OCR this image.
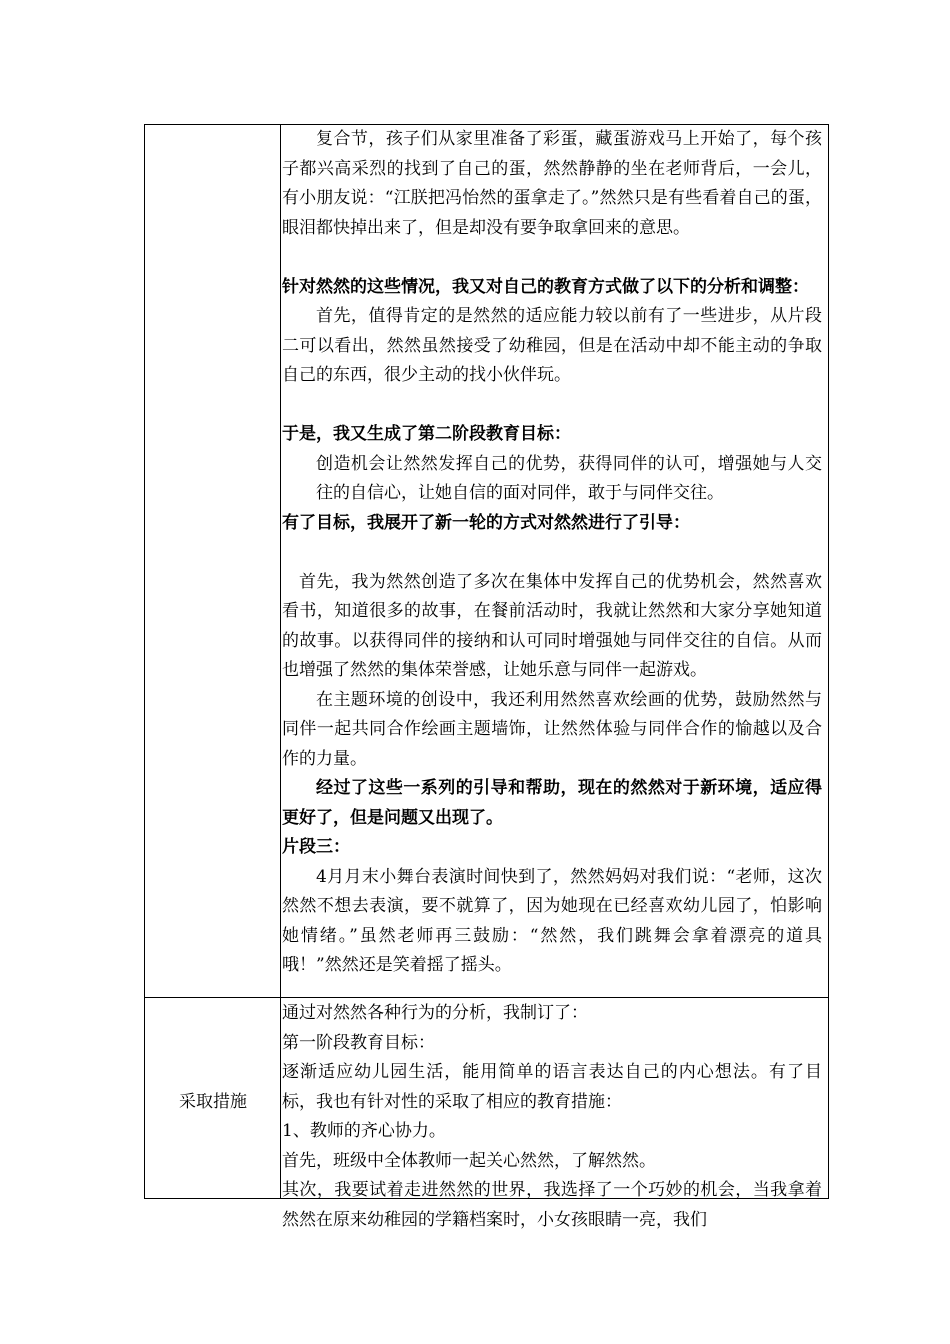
复合节，孩子们从家里准备了彩蛋，藏蛋游戏马上开始了，每个孩子都兴高采烈的找到了自己的蛋，然然静静的坐在老师背后，一会儿，有小朋友说：“江朕把冯怡然的蛋拿走了。”然然只是有些看着自己的蛋，眼泪都快掉出来了，但是却没有要争取拿回来的意思。

针对然然的这些情况，我又对自己的教育方式做了以下的分析和调整：

首先，值得肯定的是然然的适应能力较以前有了一些进步，从片段二可以看出，然然虽然接受了幼稚园，但是在活动中却不能主动的争取自己的东西，很少主动的找小伙伴玩。

于是，我又生成了第二阶段教育目标：

创造机会让然然发挥自己的优势，获得同伴的认可，增强她与人交往的自信心，让她自信的面对同伴，敢于与同伴交往。

有了目标，我展开了新一轮的方式对然然进行了引导：

首先，我为然然创造了多次在集体中发挥自己的优势机会，然然喜欢看书，知道很多的故事，在餐前活动时，我就让然然和大家分享她知道的故事。以获得同伴的接纳和认可同时增强她与同伴交往的自信。从而也增强了然然的集体荣誉感，让她乐意与同伴一起游戏。

在主题环境的创设中，我还利用然然喜欢绘画的优势，鼓励然然与同伴一起共同合作绘画主题墙饰，让然然体验与同伴合作的愉越以及合作的力量。

经过了这些一系列的引导和帮助，现在的然然对于新环境，适应得更好了，但是问题又出现了。

片段三：

4月月末小舞台表演时间快到了，然然妈妈对我们说：“老师，这次然然不想去表演，要不就算了，因为她现在已经喜欢幼儿园了，怕影响她情绪。”虽然老师再三鼓励：“然然，我们跳舞会拿着漂亮的道具哦！”然然还是笑着摇了摇头。

采取措施

通过对然然各种行为的分析，我制订了：

第一阶段教育目标：

逐渐适应幼儿园生活，能用简单的语言表达自己的内心想法。有了目标，我也有针对性的采取了相应的教育措施：

1、教师的齐心协力。

首先，班级中全体教师一起关心然然，了解然然。

其次，我要试着走进然然的世界，我选择了一个巧妙的机会，当我拿着然然在原来幼稚园的学籍档案时，小女孩眼睛一亮，我们
